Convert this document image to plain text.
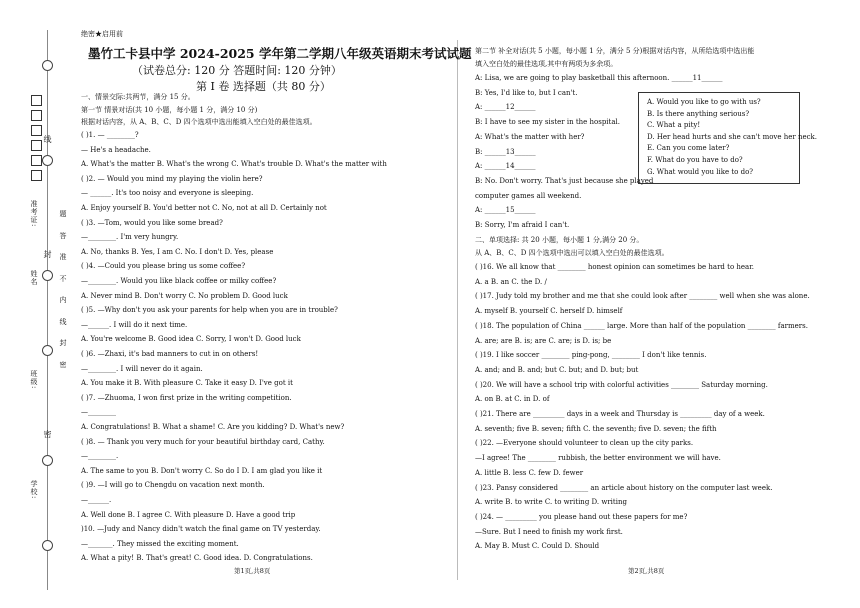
准考证:
姓名
班级:
学校:
线
封
密
题
答
准
不
内
线
封
密
绝密★启用前
墨竹工卡县中学 2024-2025 学年第二学期八年级英语期末考试试题
（试卷总分: 120 分 答题时间: 120 分钟）
第 I 卷 选择题（共 80 分）
一、情景交际:共两节，满分 15 分。
第一节 情景对话(共 10 小题，每小题 1 分，满分 10 分)
根据对话内容，从 A、B、C、D 四个选项中选出能填入空白处的最佳选项。
( )1. — ________?
— He's a headache.
A. What's the matter B. What's the wrong C. What's trouble D. What's the matter with
( )2. — Would you mind my playing the violin here?
— ______. It's too noisy and everyone is sleeping.
A. Enjoy yourself B. You'd better not C. No, not at all D. Certainly not
( )3. —Tom, would you like some bread?
—________. I'm very hungry.
A. No, thanks B. Yes, I am C. No. I don't D. Yes, please
( )4. —Could you please bring us some coffee?
—________. Would you like black coffee or milky coffee?
A. Never mind B. Don't worry C. No problem D. Good luck
( )5. —Why don't you ask your parents for help when you are in trouble?
—______. I will do it next time.
A. You're welcome B. Good idea C. Sorry, I won't D. Good luck
( )6. —Zhaxi, it's bad manners to cut in on others!
—________. I will never do it again.
A. You make it B. With pleasure C. Take it easy D. I've got it
( )7. —Zhuoma, I won first prize in the writing competition.
—________
A. Congratulations! B. What a shame! C. Are you kidding? D. What's new?
( )8. — Thank you very much for your beautiful birthday card, Cathy.
—________.
A. The same to you B. Don't worry C. So do I D. I am glad you like it
( )9. —I will go to Chengdu on vacation next month.
—______.
A. Well done B. I agree C. With pleasure D. Have a good trip
)10. —Judy and Nancy didn't watch the final game on TV yesterday.
—_______. They missed the exciting moment.
A. What a pity! B. That's great! C. Good idea. D. Congratulations.
第1页,共8页
第二节 补全对话(共 5 小题，每小题 1 分，满分 5 分)根据对话内容，从所给选项中选出能
填入空白处的最佳选项,其中有两项为多余项。
A: Lisa, we are going to play basketball this afternoon. ______11______
B: Yes, I'd like to, but I can't.
A: ______12______
B: I have to see my sister in the hospital.
A: What's the matter with her?
B: ______13______
A: ______14______
B: No. Don't worry. That's just because she played
computer games all weekend.
A: ______15______
B: Sorry, I'm afraid I can't.
A. Would you like to go with us?
B. Is there anything serious?
C. What a pity!
D. Her head hurts and she can't move her neck.
E. Can you come later?
F. What do you have to do?
G. What would you like to do?
二、单项选择: 共 20 小题，每小题 1 分,满分 20 分。
从 A、B、C、D 四个选项中选出可以填入空白处的最佳选项。
( )16. We all know that ________ honest opinion can sometimes be hard to hear.
A. a B. an C. the D. /
( )17. Judy told my brother and me that she could look after ________ well when she was alone.
A. myself B. yourself C. herself D. himself
( )18. The population of China ______ large. More than half of the population ________ farmers.
A. are; are B. is; are C. are; is D. is; be
( )19. I like soccer ________ ping-pong, ________ I don't like tennis.
A. and; and B. and; but C. but; and D. but; but
( )20. We will have a school trip with colorful activities ________ Saturday morning.
A. on B. at C. in D. of
( )21. There are _________ days in a week and Thursday is _________ day of a week.
A. seventh; five B. seven; fifth C. the seventh; five D. seven; the fifth
( )22. —Everyone should volunteer to clean up the city parks.
—I agree! The ________ rubbish, the better environment we will have.
A. little B. less C. few D. fewer
( )23. Pansy considered ________ an article about history on the computer last week.
A. write B. to write C. to writing D. writing
( )24. — _________ you please hand out these papers for me?
—Sure. But I need to finish my work first.
A. May B. Must C. Could D. Should
第2页,共8页
